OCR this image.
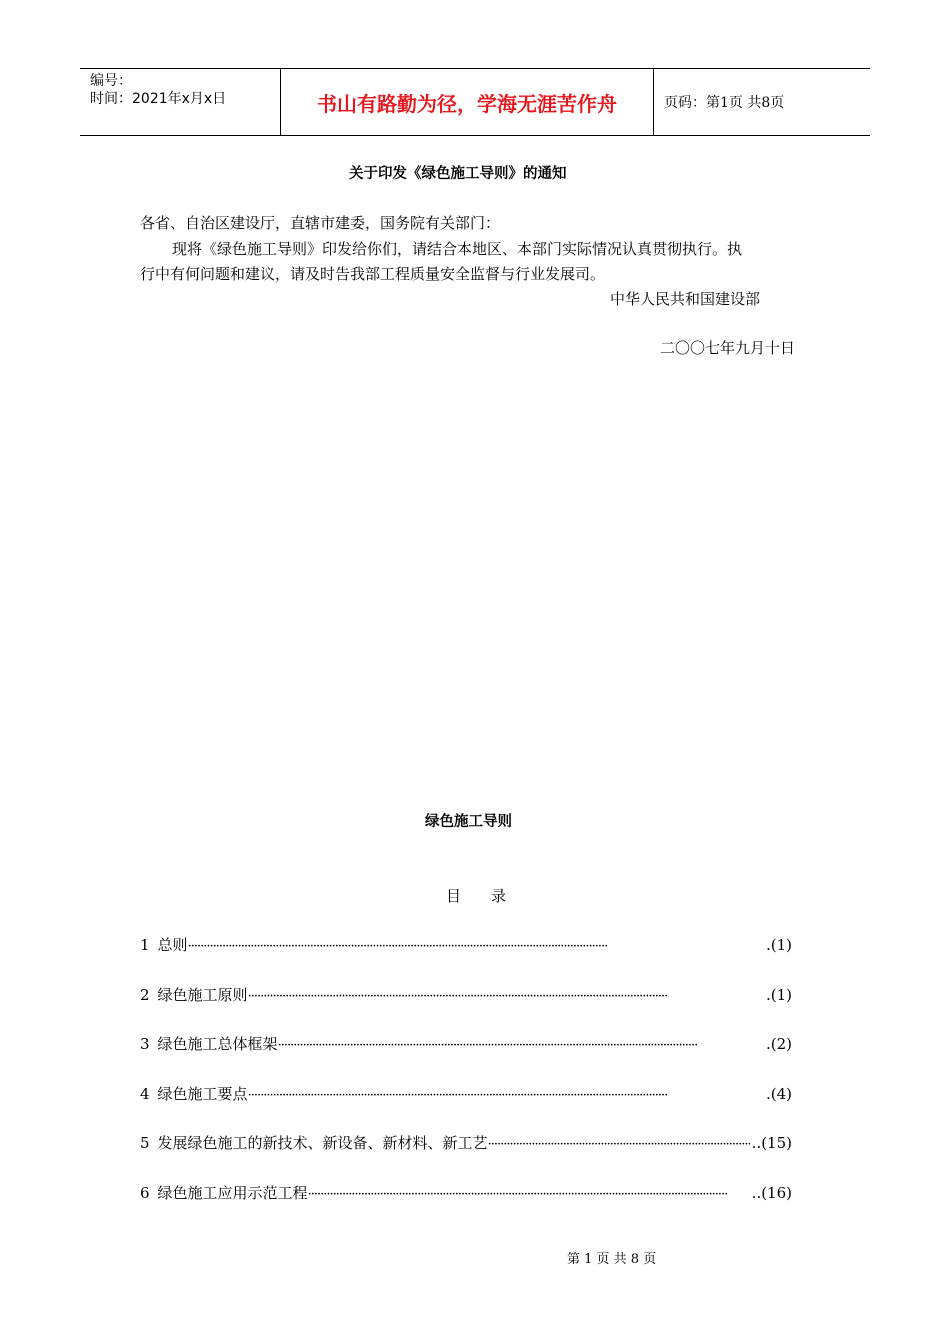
编号：
时间：2021年x月x日	书山有路勤为径，学海无涯苦作舟	页码：第1页 共8页
关于印发《绿色施工导则》的通知
各省、自治区建设厅，直辖市建委，国务院有关部门：
现将《绿色施工导则》印发给你们，请结合本地区、本部门实际情况认真贯彻执行。执
行中有何问题和建议，请及时告我部工程质量安全监督与行业发展司。
中华人民共和国建设部
二〇〇七年九月十日
绿色施工导则
目　　录
1 总则 ·····	.(1)
2 绿色施工原则 ·····	.(1)
3 绿色施工总体框架 ·····	.(2)
4 绿色施工要点 ·····	.(4)
5 发展绿色施工的新技术、新设备、新材料、新工艺 ·····	..(15)
6 绿色施工应用示范工程 ·····	..(16)
第 1 页 共 8 页
